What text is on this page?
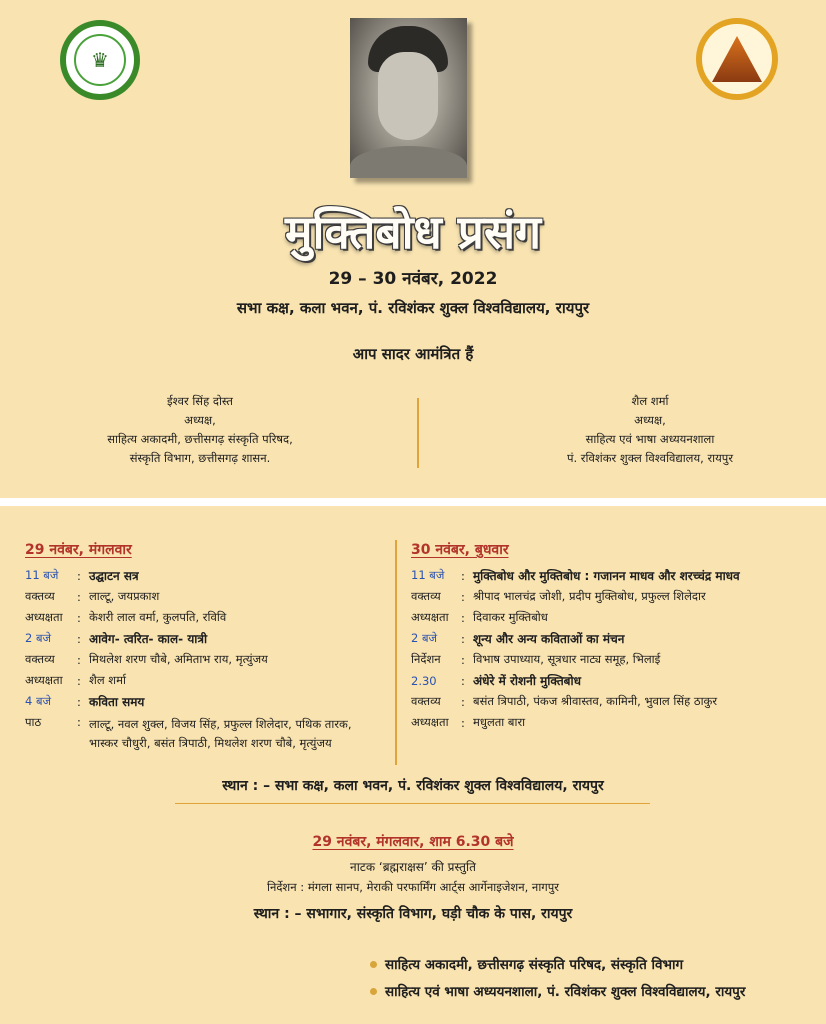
♛
मुक्तिबोध प्रसंग
29 – 30 नवंबर, 2022
सभा कक्ष, कला भवन, पं. रविशंकर शुक्ल विश्वविद्यालय, रायपुर
आप सादर आमंत्रित हैं
ईश्वर सिंह दोस्त
अध्यक्ष,
साहित्य अकादमी, छत्तीसगढ़ संस्कृति परिषद,
संस्कृति विभाग, छत्तीसगढ़ शासन.
शैल शर्मा
अध्यक्ष,
साहित्य एवं भाषा अध्ययनशाला
पं. रविशंकर शुक्ल विश्वविद्यालय, रायपुर
29 नवंबर, मंगलवार
11 बजे	: उद्घाटन सत्र
वक्तव्य	: लाल्टू, जयप्रकाश
अध्यक्षता	: केशरी लाल वर्मा, कुलपति, रविवि
2 बजे	: आवेग- त्वरित- काल- यात्री
वक्तव्य	: मिथलेश शरण चौबे, अमिताभ राय, मृत्युंजय
अध्यक्षता	: शैल शर्मा
4 बजे	: कविता समय
पाठ	: लाल्टू, नवल शुक्ल, विजय सिंह, प्रफुल्ल शिलेदार, पथिक तारक, भास्कर चौधुरी, बसंत त्रिपाठी, मिथलेश शरण चौबे, मृत्युंजय
30 नवंबर, बुधवार
11 बजे	: मुक्तिबोध और मुक्तिबोध : गजानन माधव और शरच्चंद्र माधव
वक्तव्य	: श्रीपाद भालचंद्र जोशी, प्रदीप मुक्तिबोध, प्रफुल्ल शिलेदार
अध्यक्षता	: दिवाकर मुक्तिबोध
2 बजे	: शून्य और अन्य कविताओं का मंचन
निर्देशन	: विभाष उपाध्याय, सूत्रधार नाट्य समूह, भिलाई
2.30	: अंधेरे में रोशनी मुक्तिबोध
वक्तव्य	: बसंत त्रिपाठी, पंकज श्रीवास्तव, कामिनी, भुवाल सिंह ठाकुर
अध्यक्षता	: मधुलता बारा
स्थान : – सभा कक्ष, कला भवन, पं. रविशंकर शुक्ल विश्वविद्यालय, रायपुर
29 नवंबर, मंगलवार, शाम 6.30 बजे
नाटक ‘ब्रह्मराक्षस’ की प्रस्तुति
निर्देशन : मंगला सानप, मेराकी परफार्मिंग आर्ट्स आर्गेनाइजेशन, नागपुर
स्थान : – सभागार, संस्कृति विभाग, घड़ी चौक के पास, रायपुर
साहित्य अकादमी, छत्तीसगढ़ संस्कृति परिषद, संस्कृति विभाग
साहित्य एवं भाषा अध्ययनशाला, पं. रविशंकर शुक्ल विश्वविद्यालय, रायपुर
